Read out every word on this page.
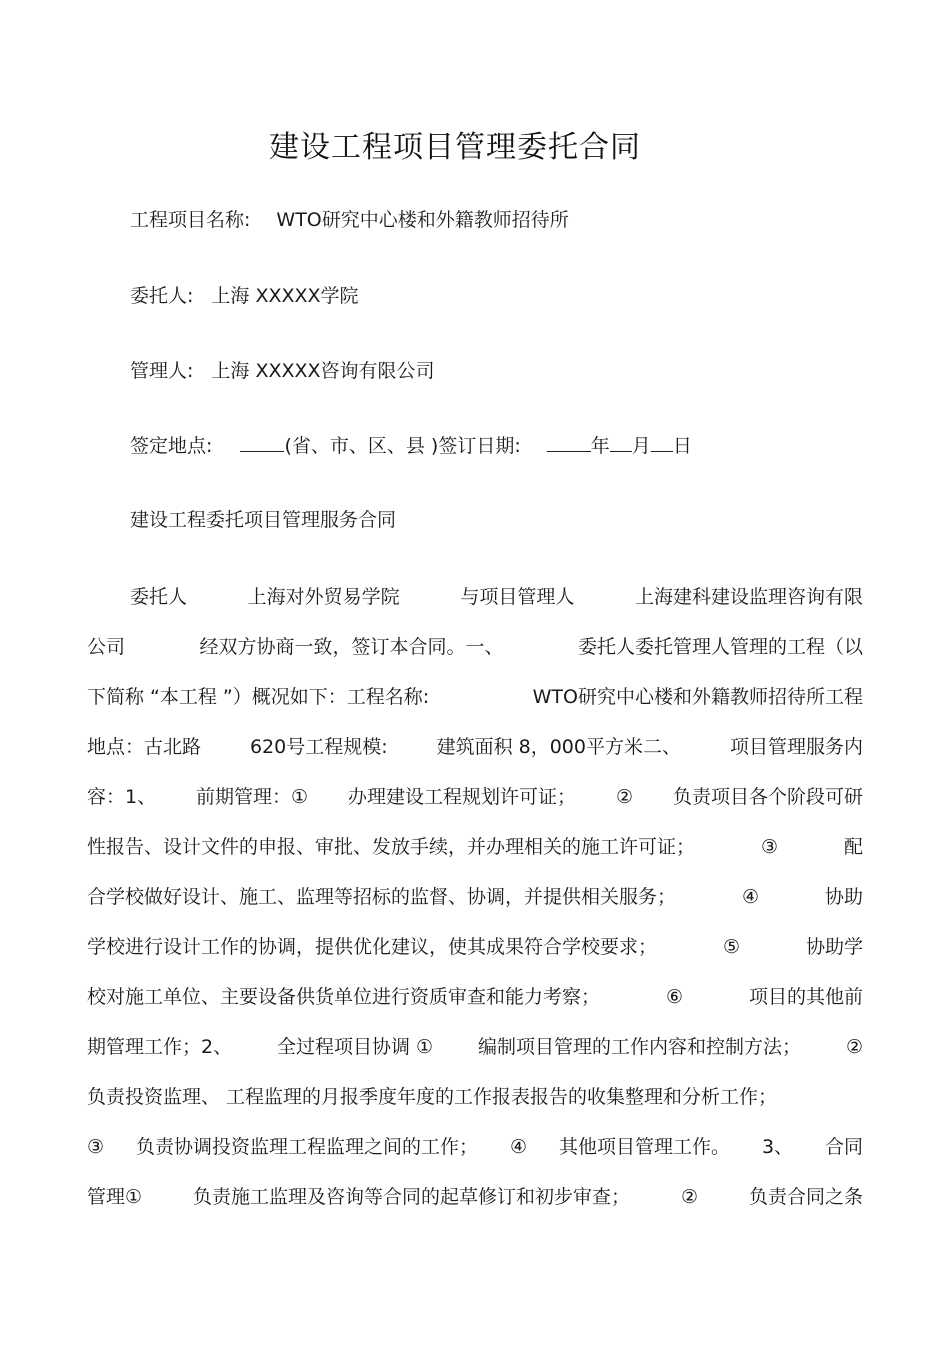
建设工程项目管理委托合同
工程项目名称: WTO研究中心楼和外籍教师招待所
委托人: 上海 XXXXX学院
管理人: 上海 XXXXX咨询有限公司
签定地点:	(省、市、区、县 )签订日期:	年 月 日
建设工程委托项目管理服务合同
委托人	上海对外贸易学院	与项目管理人	上海建科建设监理咨询有限
公司	经双方协商一致，签订本合同。一、	委托人委托管理人管理的工程（以
下简称 “本工程 ”）概况如下：工程名称:	WTO研究中心楼和外籍教师招待所工程
地点：古北路	620号工程规模:	建筑面积 8，000平方米二、	项目管理服务内
容：1、 前期管理：① 办理建设工程规划许可证； ② 负责项目各个阶段可研
性报告、设计文件的申报、审批、发放手续，并办理相关的施工许可证；	③	配
合学校做好设计、施工、监理等招标的监督、协调，并提供相关服务；	④	协助
学校进行设计工作的协调，提供优化建议，使其成果符合学校要求；	⑤	协助学
校对施工单位、主要设备供货单位进行资质审查和能力考察；	⑥	项目的其他前
期管理工作；2、 全过程项目协调 ① 编制项目管理的工作内容和控制方法； ②
负责投资监理、 工程监理的月报季度年度的工作报表报告的收集整理和分析工作；
③ 负责协调投资监理工程监理之间的工作； ④ 其他项目管理工作。 3、 合同
管理①	负责施工监理及咨询等合同的起草修订和初步审查；	②	负责合同之条
